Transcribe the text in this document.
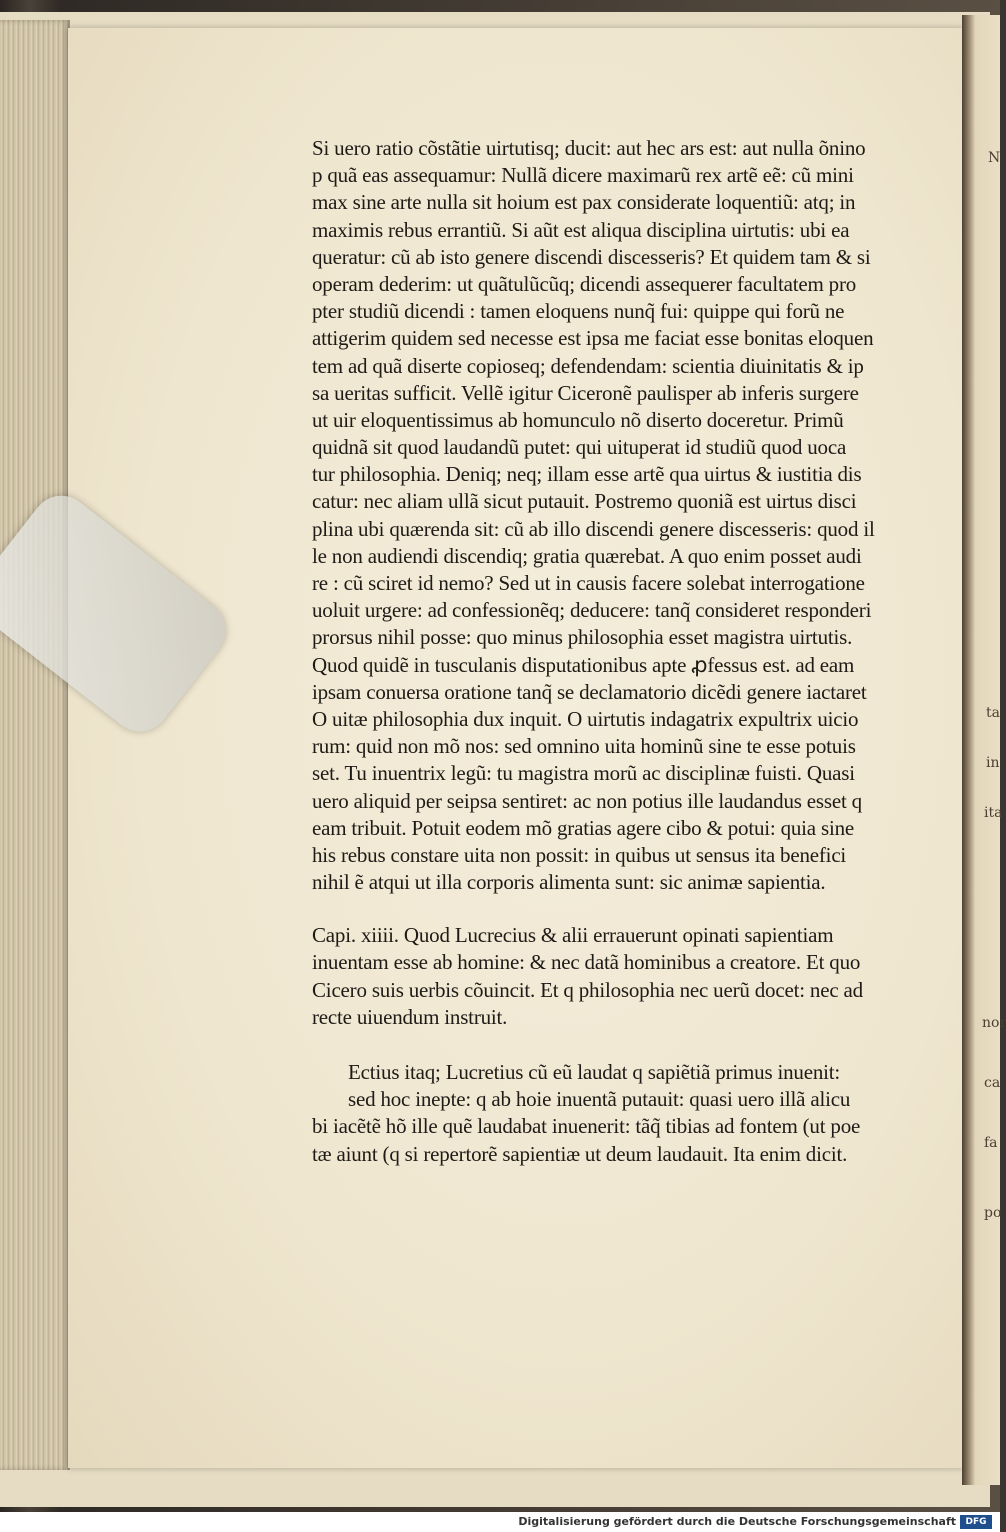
N
ta
in
ita
nor
ca
fa
po
Si uero ratio cõstãtie uirtutisq; ducit: aut hec ars est: aut nulla õnino
p quã eas assequamur: Nullã dicere maximarũ rex artẽ eẽ: cũ mini
max sine arte nulla sit hoium est pax considerate loquentiũ: atq; in
maximis rebus errantiũ. Si aũt est aliqua disciplina uirtutis: ubi ea
queratur: cũ ab isto genere discendi discesseris? Et quidem tam & si
operam dederim: ut quãtulũcũq; dicendi assequerer facultatem pro
pter studiũ dicendi : tamen eloquens nunq̃ fui: quippe qui forũ ne
attigerim quidem sed necesse est ipsa me faciat esse bonitas eloquen
tem ad quã diserte copioseq; defendendam: scientia diuinitatis & ip
sa ueritas sufficit. Vellẽ igitur Ciceronẽ paulisper ab inferis surgere
ut uir eloquentissimus ab homunculo nõ diserto doceretur. Primũ
quidnã sit quod laudandũ putet: qui uituperat id studiũ quod uoca
tur philosophia. Deniq; neq; illam esse artẽ qua uirtus & iustitia dis
catur: nec aliam ullã sicut putauit. Postremo quoniã est uirtus disci
plina ubi quærenda sit: cũ ab illo discendi genere discesseris: quod il
le non audiendi discendiq; gratia quærebat. A quo enim posset audi
re : cũ sciret id nemo? Sed ut in causis facere solebat interrogatione
uoluit urgere: ad confessionẽq; deducere: tanq̃ consideret responderi
prorsus nihil posse: quo minus philosophia esset magistra uirtutis.
Quod quidẽ in tusculanis disputationibus apte ꝓfessus est. ad eam
ipsam conuersa oratione tanq̃ se declamatorio dicẽdi genere iactaret
O uitæ philosophia dux inquit. O uirtutis indagatrix expultrix uicio
rum: quid non mõ nos: sed omnino uita hominũ sine te esse potuis
set. Tu inuentrix legũ: tu magistra morũ ac disciplinæ fuisti. Quasi
uero aliquid per seipsa sentiret: ac non potius ille laudandus esset q
eam tribuit. Potuit eodem mõ gratias agere cibo & potui: quia sine
his rebus constare uita non possit: in quibus ut sensus ita benefici
nihil ẽ atqui ut illa corporis alimenta sunt: sic animæ sapientia.
Capi. xiiii. Quod Lucrecius & alii errauerunt opinati sapientiam
inuentam esse ab homine: & nec datã hominibus a creatore. Et quo
Cicero suis uerbis cõuincit. Et q philosophia nec uerũ docet: nec ad
recte uiuendum instruit.
Ectius itaq; Lucretius cũ eũ laudat q sapiẽtiã primus inuenit:
sed hoc inepte: q ab hoie inuentã putauit: quasi uero illã alicu
bi iacẽtẽ hõ ille quẽ laudabat inuenerit: tãq̃ tibias ad fontem (ut poe
tæ aiunt (q si repertorẽ sapientiæ ut deum laudauit. Ita enim dicit.
Digitalisierung gefördert durch die Deutsche Forschungsgemeinschaft	DFG
